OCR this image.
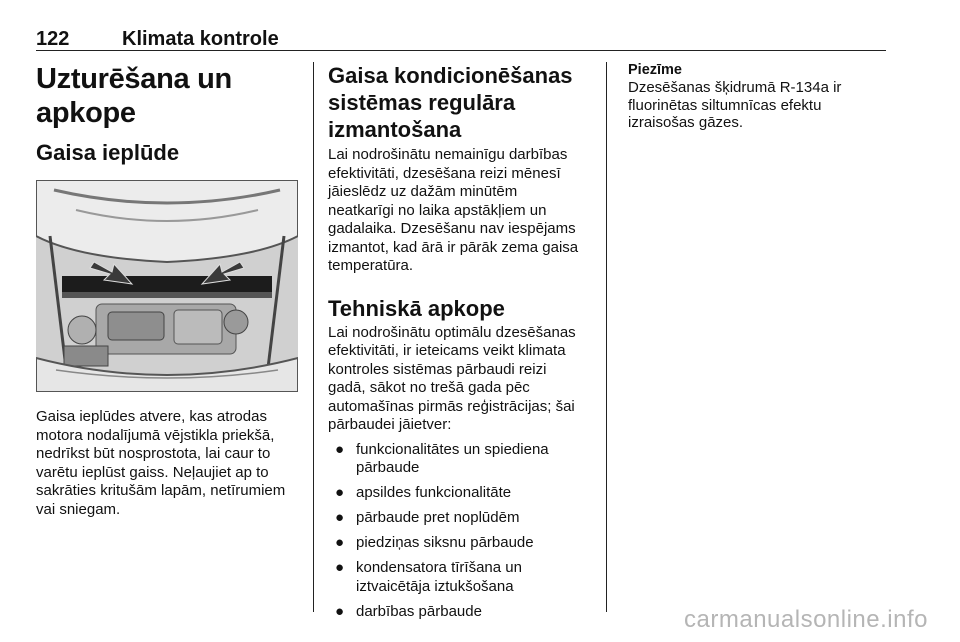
122	Klimata kontrole
Uzturēšana un apkope
Gaisa ieplūde

Gaisa ieplūdes atvere, kas atrodas

motora nodalījumā vējstikla priekšā,

nedrīkst būt nosprostota, lai caur to

varētu ieplūst gaiss. Neļaujiet ap to

sakrāties kritušām lapām, netīrumiem

vai sniegam.

Gaisa kondicionēšanas
sistēmas regulāra
izmantošana

Lai nodrošinātu nemainīgu darbības

efektivitāti, dzesēšana reizi mēnesī

jāieslēdz uz dažām minūtēm

neatkarīgi no laika apstākļiem un

gadalaika. Dzesēšanu nav iespējams

izmantot, kad ārā ir pārāk zema gaisa

temperatūra.

Tehniskā apkope

Lai nodrošinātu optimālu dzesēšanas

efektivitāti, ir ieteicams veikt klimata

kontroles sistēmas pārbaudi reizi

gadā, sākot no trešā gada pēc

automašīnas pirmās reģistrācijas; šai

pārbaudei jāietver:

● funkcionalitātes un spiediena
pārbaude
● apsildes funkcionalitāte
● pārbaude pret noplūdēm
● piedziņas siksnu pārbaude
● kondensatora tīrīšana un
iztvaicētāja iztukšošana
● darbības pārbaude
Piezīme
Dzesēšanas šķidrumā R-134a ir
fluorinētas siltumnīcas efektu
izraisošas gāzes.
carmanualsonline.info
